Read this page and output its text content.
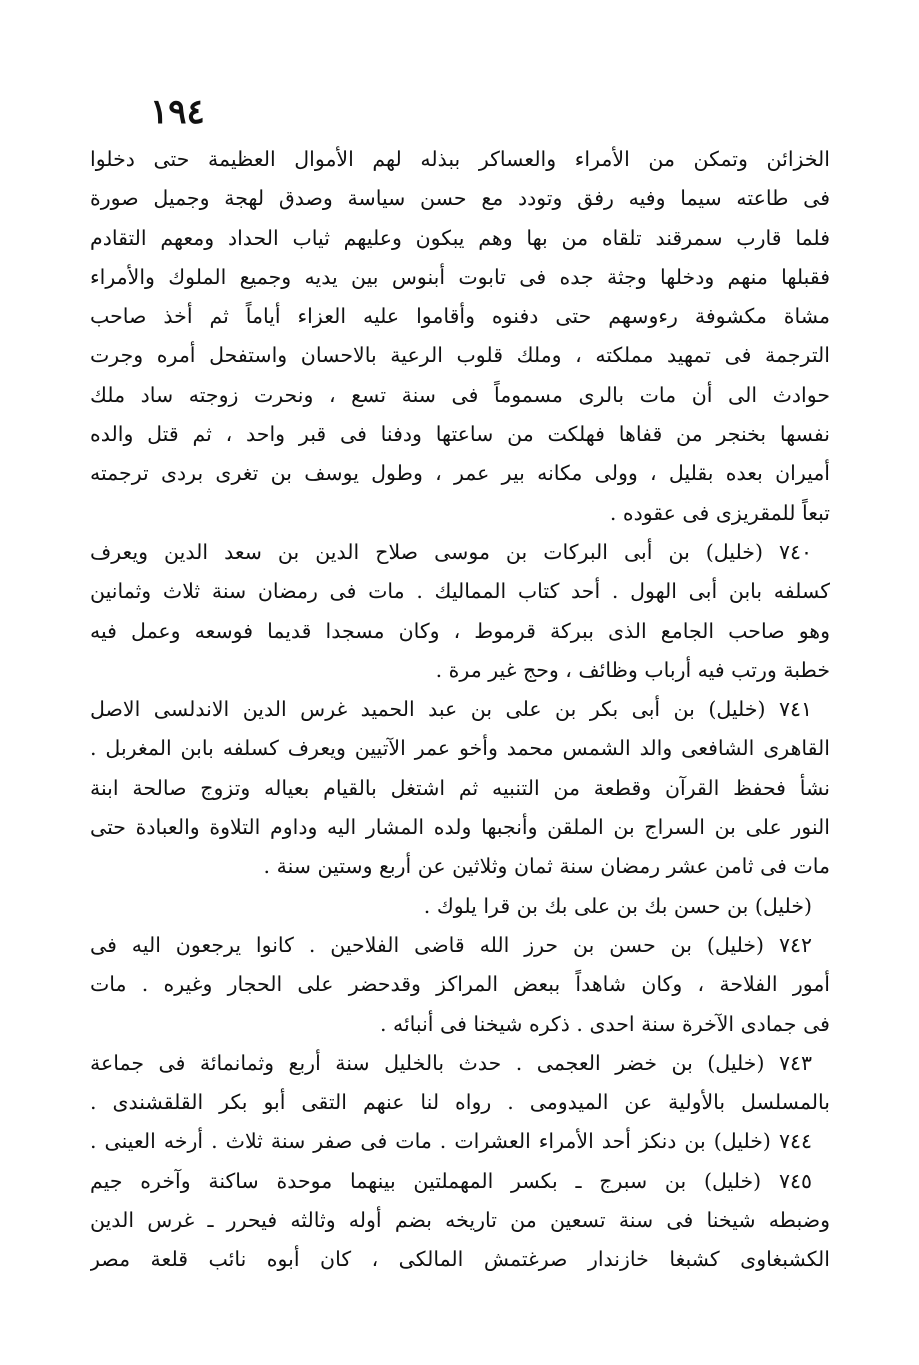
١٩٤
الخزائن وتمكن من الأمراء والعساكر ببذله لهم الأموال العظيمة حتى دخلوا
فى طاعته سيما وفيه رفق وتودد مع حسن سياسة وصدق لهجة وجميل صورة
فلما قارب سمرقند تلقاه من بها وهم يبكون وعليهم ثياب الحداد ومعهم التقادم
فقبلها منهم ودخلها وجثة جده فى تابوت أبنوس بين يديه وجميع الملوك والأمراء
مشاة مكشوفة رءوسهم حتى دفنوه وأقاموا عليه العزاء أياماً ثم أخذ صاحب
الترجمة فى تمهيد مملكته ، وملك قلوب الرعية بالاحسان واستفحل أمره وجرت
حوادث الى أن مات بالرى مسموماً فى سنة تسع ، ونحرت زوجته ساد ملك
نفسها بخنجر من قفاها فهلكت من ساعتها ودفنا فى قبر واحد ، ثم قتل والده
أميران بعده بقليل ، وولى مكانه بير عمر ، وطول يوسف بن تغرى بردى ترجمته
تبعاً للمقريزى فى عقوده .
٧٤٠ (خليل) بن أبى البركات بن موسى صلاح الدين بن سعد الدين ويعرف
كسلفه بابن أبى الهول . أحد كتاب المماليك . مات فى رمضان سنة ثلاث وثمانين
وهو صاحب الجامع الذى ببركة قرموط ، وكان مسجدا قديما فوسعه وعمل فيه
خطبة ورتب فيه أرباب وظائف ، وحج غير مرة .
٧٤١ (خليل) بن أبى بكر بن على بن عبد الحميد غرس الدين الاندلسى الاصل
القاهرى الشافعى والد الشمس محمد وأخو عمر الآتيين ويعرف كسلفه بابن المغربل .
نشأ فحفظ القرآن وقطعة من التنبيه ثم اشتغل بالقيام بعياله وتزوج صالحة ابنة
النور على بن السراج بن الملقن وأنجبها ولده المشار اليه وداوم التلاوة والعبادة حتى
مات فى ثامن عشر رمضان سنة ثمان وثلاثين عن أربع وستين سنة .
(خليل) بن حسن بك بن على بك بن قرا يلوك .
٧٤٢ (خليل) بن حسن بن حرز الله قاضى الفلاحين . كانوا يرجعون اليه فى
أمور الفلاحة ، وكان شاهداً ببعض المراكز وقدحضر على الحجار وغيره . مات
فى جمادى الآخرة سنة احدى . ذكره شيخنا فى أنبائه .
٧٤٣ (خليل) بن خضر العجمى . حدث بالخليل سنة أربع وثمانمائة فى جماعة
بالمسلسل بالأولية عن الميدومى . رواه لنا عنهم التقى أبو بكر القلقشندى .
٧٤٤ (خليل) بن دنكز أحد الأمراء العشرات . مات فى صفر سنة ثلاث . أرخه العينى .
٧٤٥ (خليل) بن سبرج ـ بكسر المهملتين بينهما موحدة ساكنة وآخره جيم
وضبطه شيخنا فى سنة تسعين من تاريخه بضم أوله وثالثه فيحرر ـ غرس الدين
الكشبغاوى كشبغا خازندار صرغتمش المالكى ، كان أبوه نائب قلعة مصر
